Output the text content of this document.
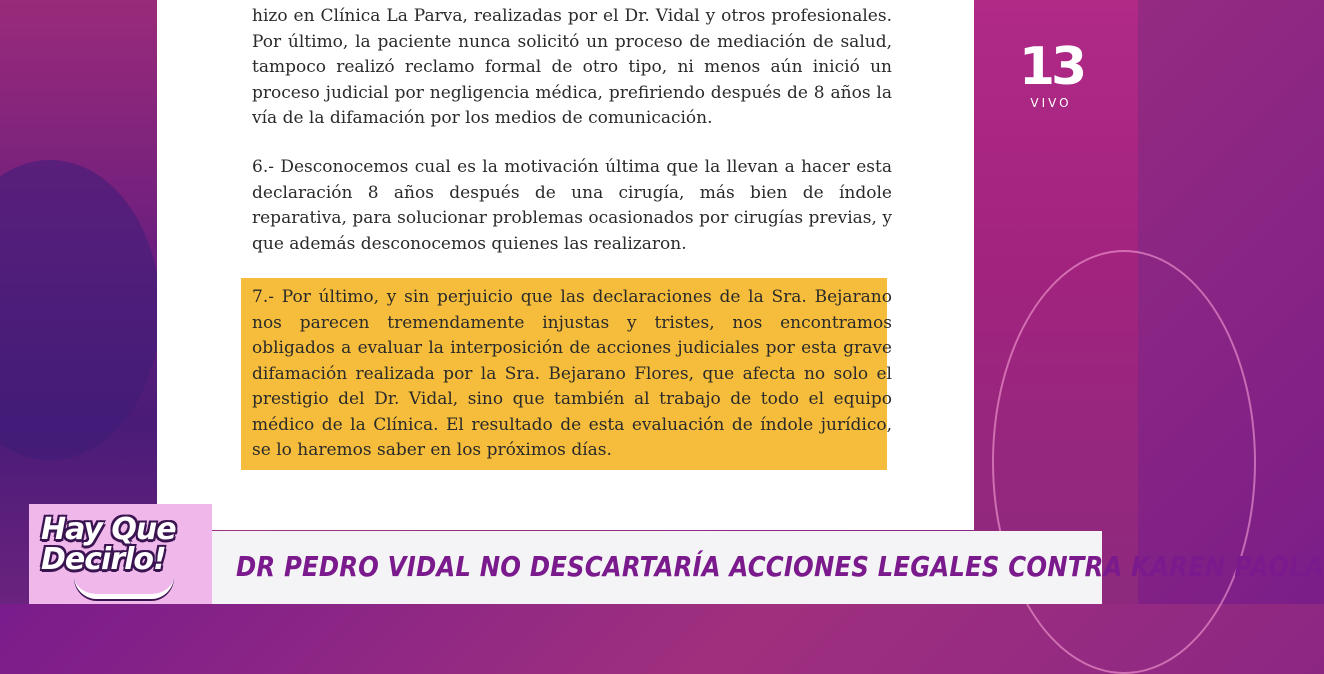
hizo en Clínica La Parva, realizadas por el Dr. Vidal y otros profesionales. Por último, la paciente nunca solicitó un proceso de mediación de salud, tampoco realizó reclamo formal de otro tipo, ni menos aún inició un proceso judicial por negligencia médica, prefiriendo después de 8 años la vía de la difamación por los medios de comunicación.

6.- Desconocemos cual es la motivación última que la llevan a hacer esta declaración 8 años después de una cirugía, más bien de índole reparativa, para solucionar problemas ocasionados por cirugías previas, y que además desconocemos quienes las realizaron.

7.- Por último, y sin perjuicio que las declaraciones de la Sra. Bejarano nos parecen tremendamente injustas y tristes, nos encontramos obligados a evaluar la interposición de acciones judiciales por esta grave difamación realizada por la Sra. Bejarano Flores, que afecta no solo el prestigio del Dr. Vidal, sino que también al trabajo de todo el equipo médico de la Clínica. El resultado de esta evaluación de índole jurídico, se lo haremos saber en los próximos días.

13
VIVO
Hay Que
Decirlo!	DR PEDRO VIDAL NO DESCARTARÍA ACCIONES LEGALES CONTRA KAREN PAOLA
